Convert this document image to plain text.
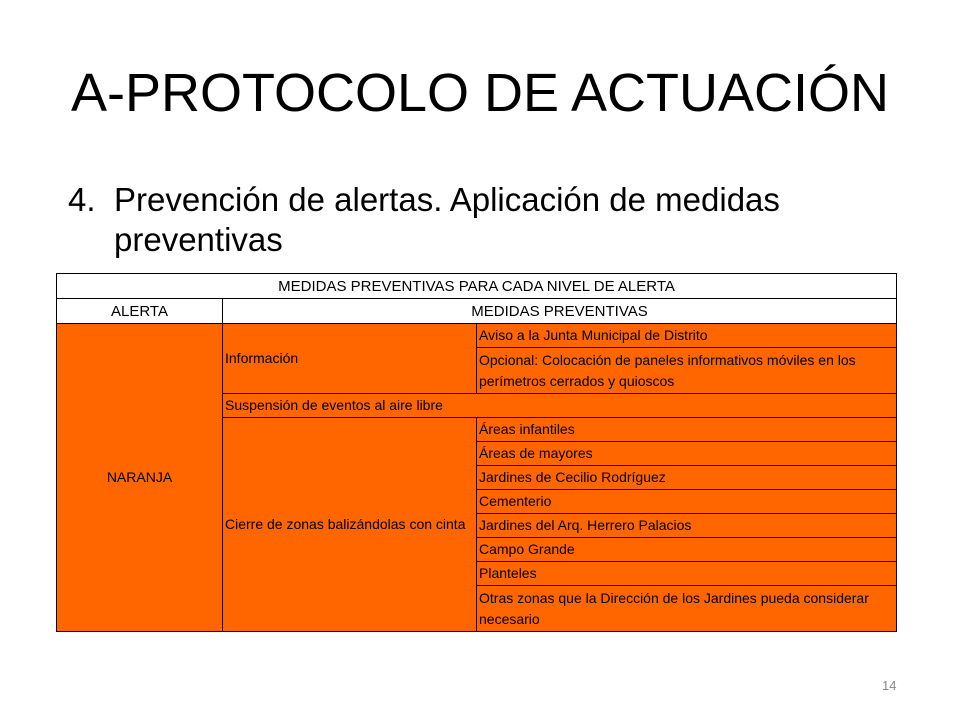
A-PROTOCOLO DE ACTUACIÓN
4. Prevención de alertas. Aplicación de medidas preventivas
MEDIDAS PREVENTIVAS PARA CADA NIVEL DE ALERTA		
ALERTA	MEDIDAS PREVENTIVAS	
NARANJA	Información	Aviso a la Junta Municipal de Distrito
		Opcional: Colocación de paneles informativos móviles en los perímetros cerrados y quioscos
	Suspensión de eventos al aire libre	
	Cierre de zonas balizándolas con cinta	Áreas infantiles
		Áreas de mayores
		Jardines de Cecilio Rodríguez
		Cementerio
		Jardines del Arq. Herrero Palacios
		Campo Grande
		Planteles
		Otras zonas que la Dirección de los Jardines pueda considerar necesario
14
